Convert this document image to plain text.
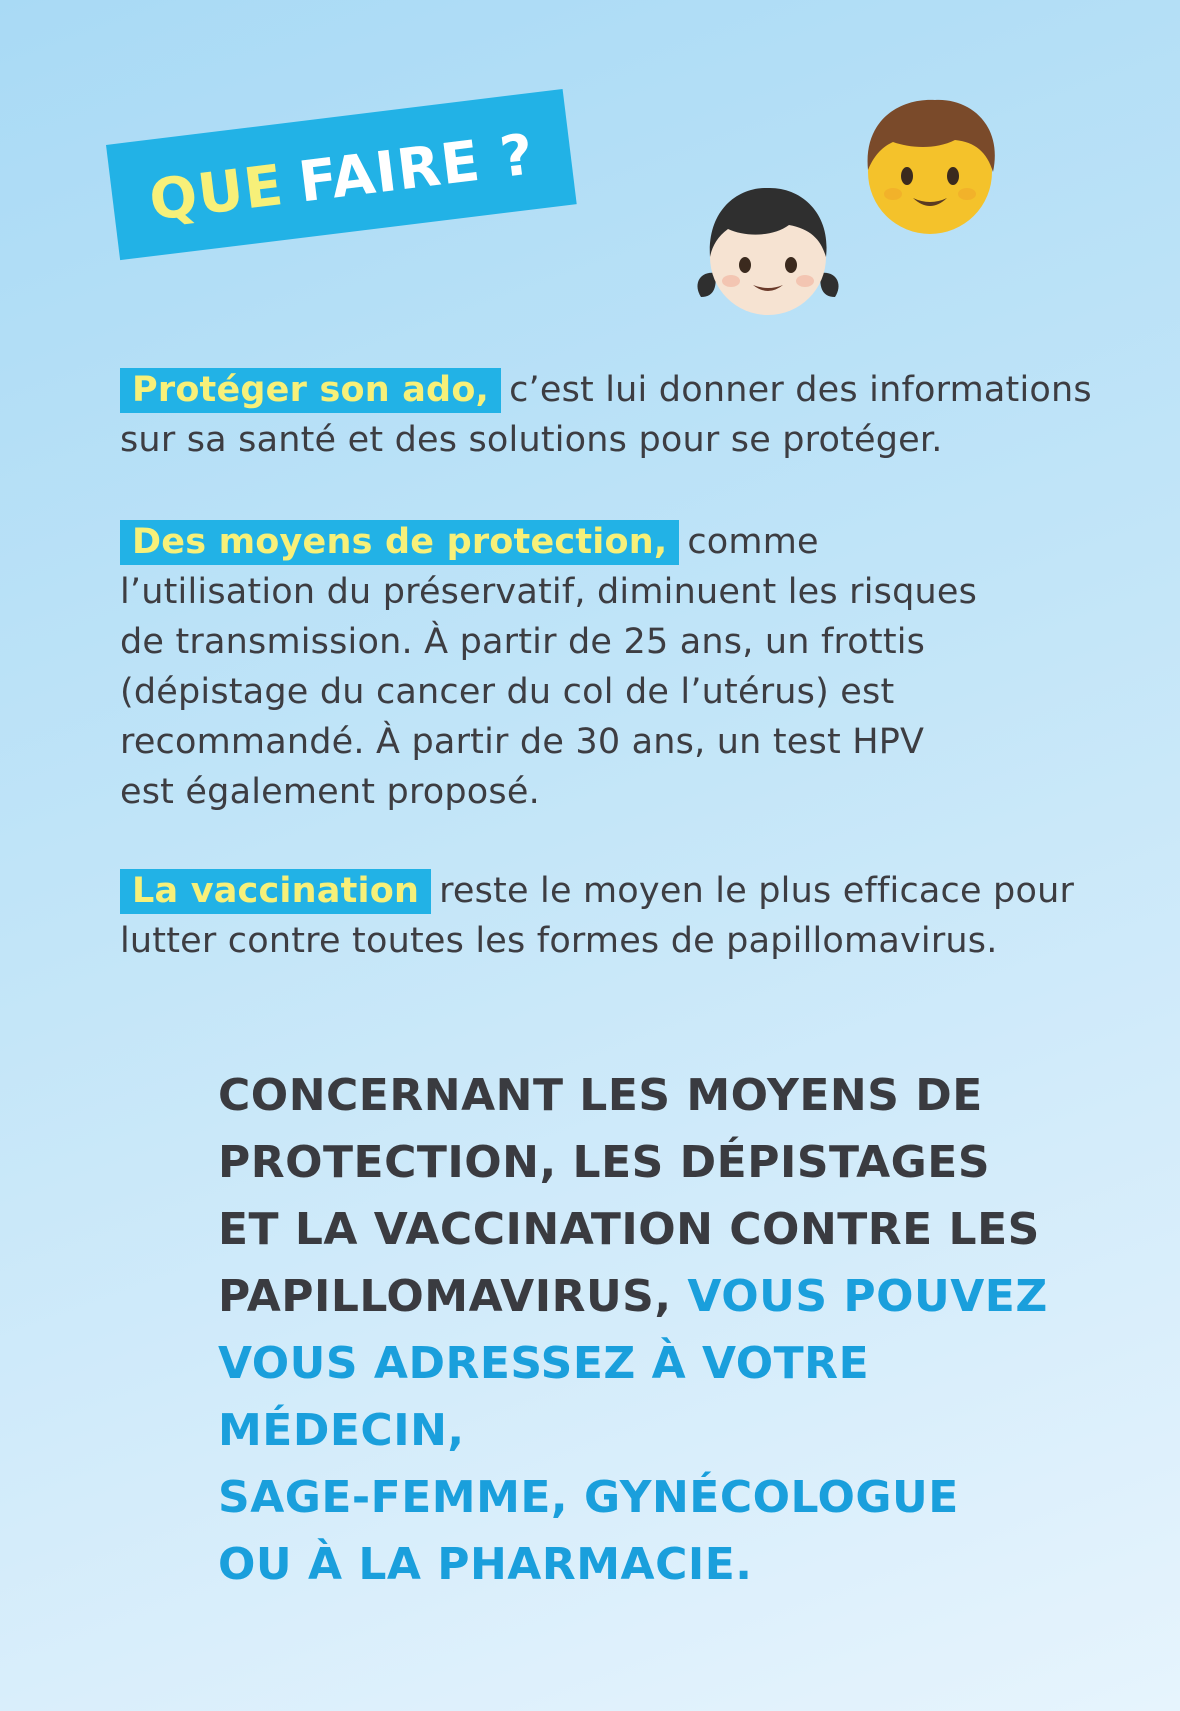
QUE FAIRE ?
Protéger son ado, c’est lui donner des informations
sur sa santé et des solutions pour se protéger.
Des moyens de protection, comme
l’utilisation du préservatif, diminuent les risques
de transmission. À partir de 25 ans, un frottis
(dépistage du cancer du col de l’utérus) est
recommandé. À partir de 30 ans, un test HPV
est également proposé.
La vaccination reste le moyen le plus efficace pour
lutter contre toutes les formes de papillomavirus.
CONCERNANT LES MOYENS DE
PROTECTION, LES DÉPISTAGES
ET LA VACCINATION CONTRE LES
PAPILLOMAVIRUS, VOUS POUVEZ
VOUS ADRESSEZ À VOTRE MÉDECIN,
SAGE-FEMME, GYNÉCOLOGUE
OU À LA PHARMACIE.
